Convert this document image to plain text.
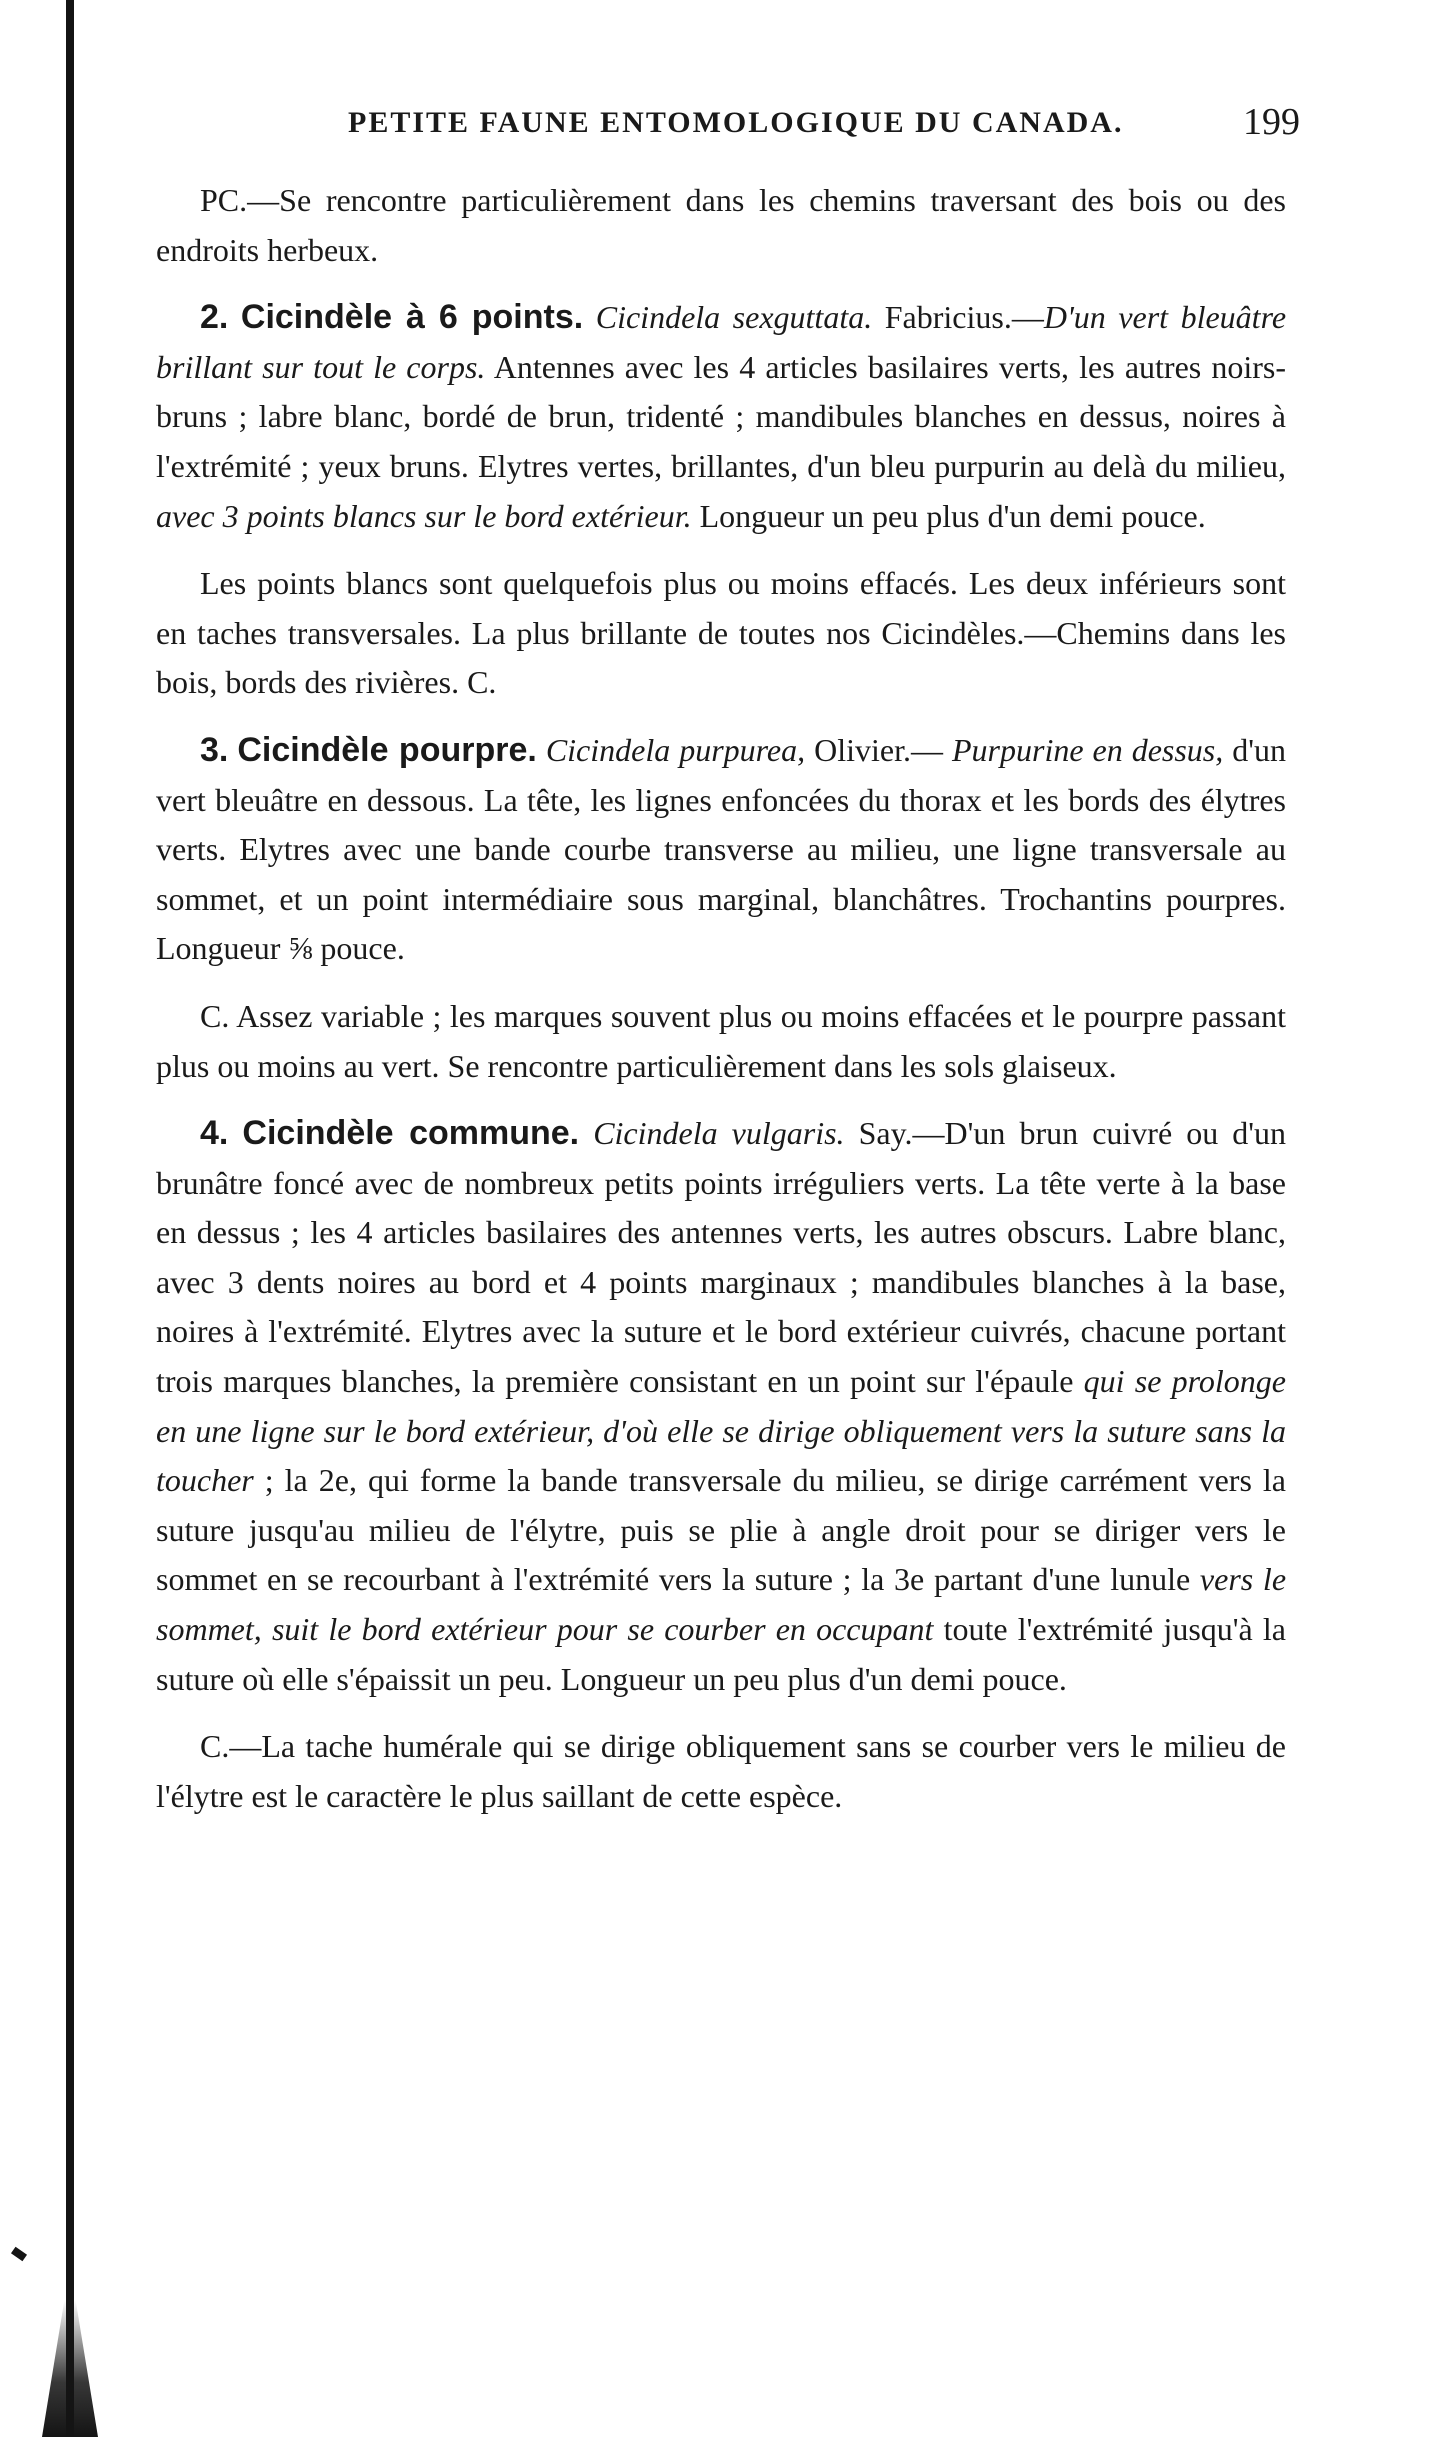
PETITE FAUNE ENTOMOLOGIQUE DU CANADA.	199

PC.—Se rencontre particulièrement dans les chemins traversant des bois ou des endroits herbeux.

2. Cicindèle à 6 points. Cicindela sexguttata. Fabricius.—D'un vert bleuâtre brillant sur tout le corps. Antennes avec les 4 articles basilaires verts, les autres noirs-bruns ; labre blanc, bordé de brun, tridenté ; mandibules blanches en dessus, noires à l'extrémité ; yeux bruns. Elytres vertes, brillantes, d'un bleu purpurin au delà du milieu, avec 3 points blancs sur le bord extérieur. Longueur un peu plus d'un demi pouce.

Les points blancs sont quelquefois plus ou moins effacés. Les deux inférieurs sont en taches transversales. La plus brillante de toutes nos Cicindèles.—Chemins dans les bois, bords des rivières. C.

3. Cicindèle pourpre. Cicindela purpurea, Olivier.— Purpurine en dessus, d'un vert bleuâtre en dessous. La tête, les lignes enfoncées du thorax et les bords des élytres verts. Elytres avec une bande courbe transverse au milieu, une ligne transversale au sommet, et un point intermédiaire sous marginal, blanchâtres. Trochantins pourpres. Longueur ⅝ pouce.

C. Assez variable ; les marques souvent plus ou moins effacées et le pourpre passant plus ou moins au vert. Se rencontre particulièrement dans les sols glaiseux.

4. Cicindèle commune. Cicindela vulgaris. Say.—D'un brun cuivré ou d'un brunâtre foncé avec de nombreux petits points irréguliers verts. La tête verte à la base en dessus ; les 4 articles basilaires des antennes verts, les autres obscurs. Labre blanc, avec 3 dents noires au bord et 4 points marginaux ; mandibules blanches à la base, noires à l'extrémité. Elytres avec la suture et le bord extérieur cuivrés, chacune portant trois marques blanches, la première consistant en un point sur l'épaule qui se prolonge en une ligne sur le bord extérieur, d'où elle se dirige obliquement vers la suture sans la toucher ; la 2e, qui forme la bande transversale du milieu, se dirige carrément vers la suture jusqu'au milieu de l'élytre, puis se plie à angle droit pour se diriger vers le sommet en se recourbant à l'extrémité vers la suture ; la 3e partant d'une lunule vers le sommet, suit le bord extérieur pour se courber en occupant toute l'extrémité jusqu'à la suture où elle s'épaissit un peu. Longueur un peu plus d'un demi pouce.

C.—La tache humérale qui se dirige obliquement sans se courber vers le milieu de l'élytre est le caractère le plus saillant de cette espèce.
